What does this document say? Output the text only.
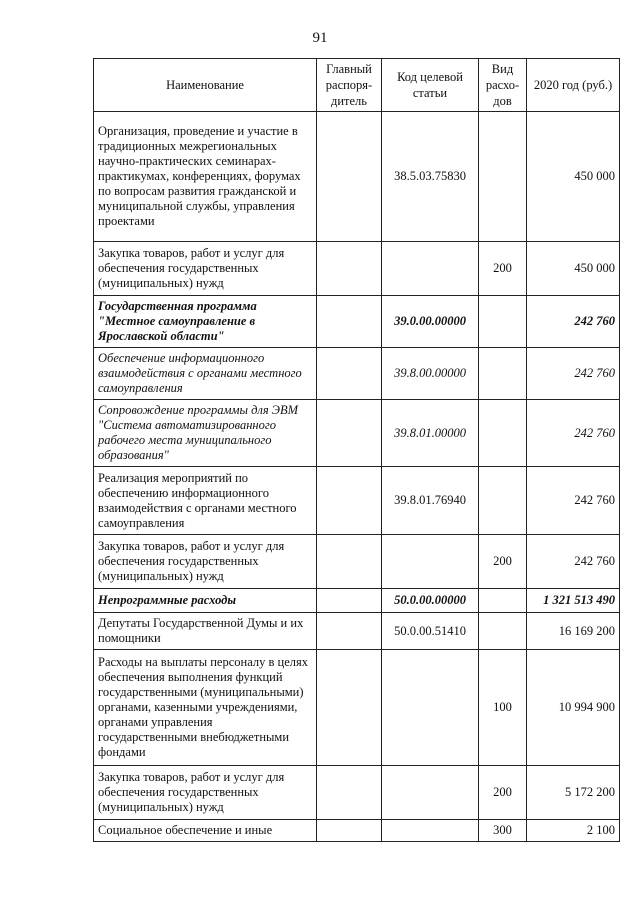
91
Наименование	Главный распоря-дитель	Код целевой статьи	Вид расхо-дов	2020 год (руб.)
Организация, проведение и участие в традиционных межрегиональных научно-практических семинарах-практикумах, конференциях, форумах по вопросам развития гражданской и муниципальной службы, управления проектами		38.5.03.75830		450 000
Закупка товаров, работ и услуг для обеспечения государственных (муниципальных) нужд			200	450 000
Государственная программа "Местное самоуправление в Ярославской области"		39.0.00.00000		242 760
Обеспечение информационного взаимодействия с органами местного самоуправления		39.8.00.00000		242 760
Сопровождение программы для ЭВМ "Система автоматизированного рабочего места муниципального образования"		39.8.01.00000		242 760
Реализация мероприятий по обеспечению информационного взаимодействия с органами местного самоуправления		39.8.01.76940		242 760
Закупка товаров, работ и услуг для обеспечения государственных (муниципальных) нужд			200	242 760
Непрограммные расходы		50.0.00.00000		1 321 513 490
Депутаты Государственной Думы и их помощники		50.0.00.51410		16 169 200
Расходы на выплаты персоналу в целях обеспечения выполнения функций государственными (муниципальными) органами, казенными учреждениями, органами управления государственными внебюджетными фондами			100	10 994 900
Закупка товаров, работ и услуг для обеспечения государственных (муниципальных) нужд			200	5 172 200
Социальное обеспечение и иные			300	2 100
